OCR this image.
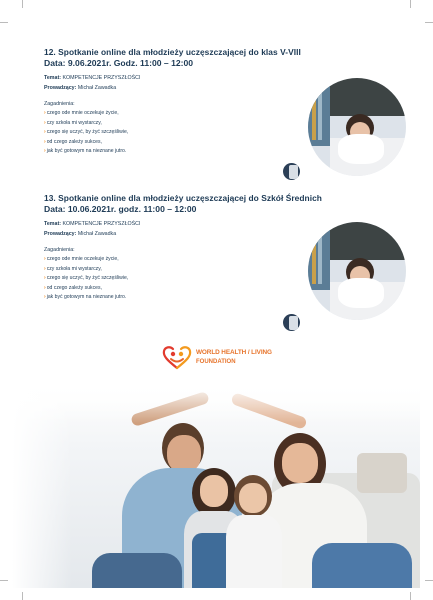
12. Spotkanie online dla młodzieży uczęszczającej do klas V-VIII
Data: 9.06.2021r. Godz. 11:00 – 12:00
Temat: KOMPETENCJE PRZYSZŁOŚCI
Prowadzący: Michał Zawadka
Zagadnienia:
›czego ode mnie oczekuje życie,
›czy szkoła mi wystarczy,
›czego się uczyć, by żyć szczęśliwie,
›od czego zależy sukces,
›jak być gotowym na nieznane jutro.
13. Spotkanie online dla młodzieży uczęszczającej do Szkół Średnich
Data: 10.06.2021r. godz. 11:00 – 12:00
Temat: KOMPETENCJE PRZYSZŁOŚCI
Prowadzący: Michał Zawadka
Zagadnienia:
›czego ode mnie oczekuje życie,
›czy szkoła mi wystarczy,
›czego się uczyć, by żyć szczęśliwie,
›od czego zależy sukces,
›jak być gotowym na nieznane jutro.
WORLD HEALTH / LIVING
FOUNDATION
